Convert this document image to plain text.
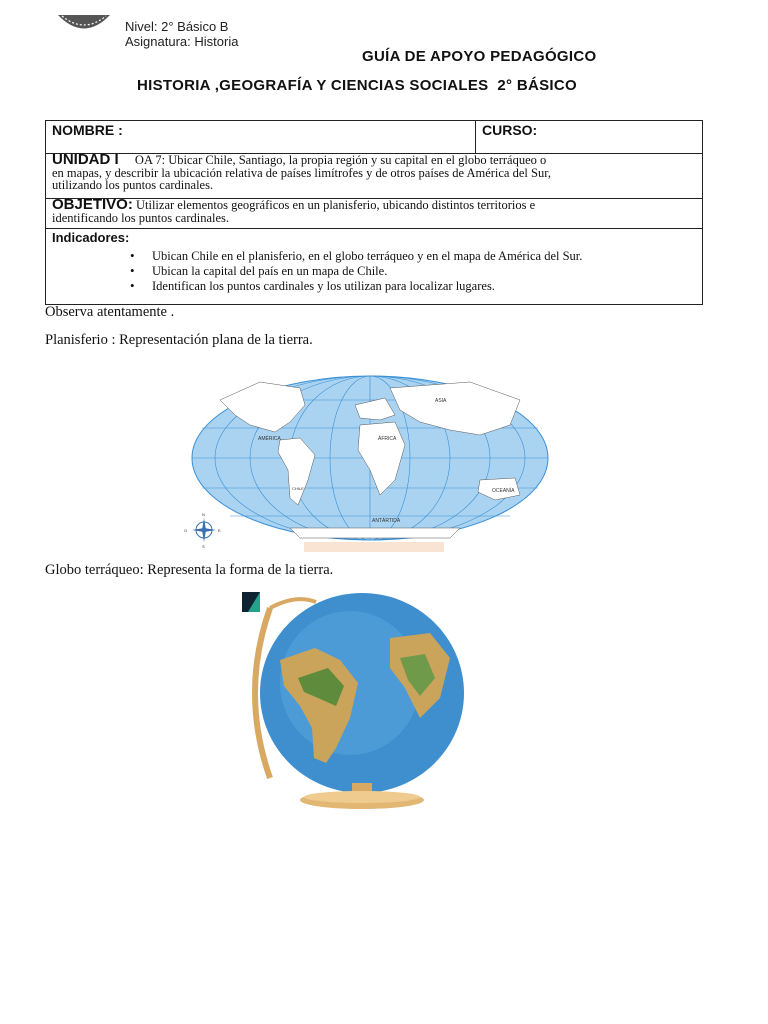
Nivel: 2° Básico B
Asignatura: Historia
GUÍA DE APOYO PEDAGÓGICO
HISTORIA ,GEOGRAFÍA Y CIENCIAS SOCIALES  2° BÁSICO
NOMBRE :	CURSO:
UNIDAD I OA 7: Ubicar Chile, Santiago, la propia región y su capital en el globo terráqueo o
en mapas, y describir la ubicación relativa de países limítrofes y de otros países de América del Sur,
utilizando los puntos cardinales.
OBJETIVO: Utilizar elementos geográficos en un planisferio, ubicando distintos territorios e
identificando los puntos cardinales.
Indicadores:
• Ubican Chile en el planisferio, en el globo terráqueo y en el mapa de América del Sur.
• Ubican la capital del país en un mapa de Chile.
• Identifican los puntos cardinales y los utilizan para localizar lugares.
Observa atentamente .
Planisferio : Representación plana de la tierra.
ASIA
AMÉRICA	ÁFRICA
OCEANÍA
ANTÁRTIDA
CHILE
N
S
E
O
Globo terráqueo: Representa la forma de la tierra.
